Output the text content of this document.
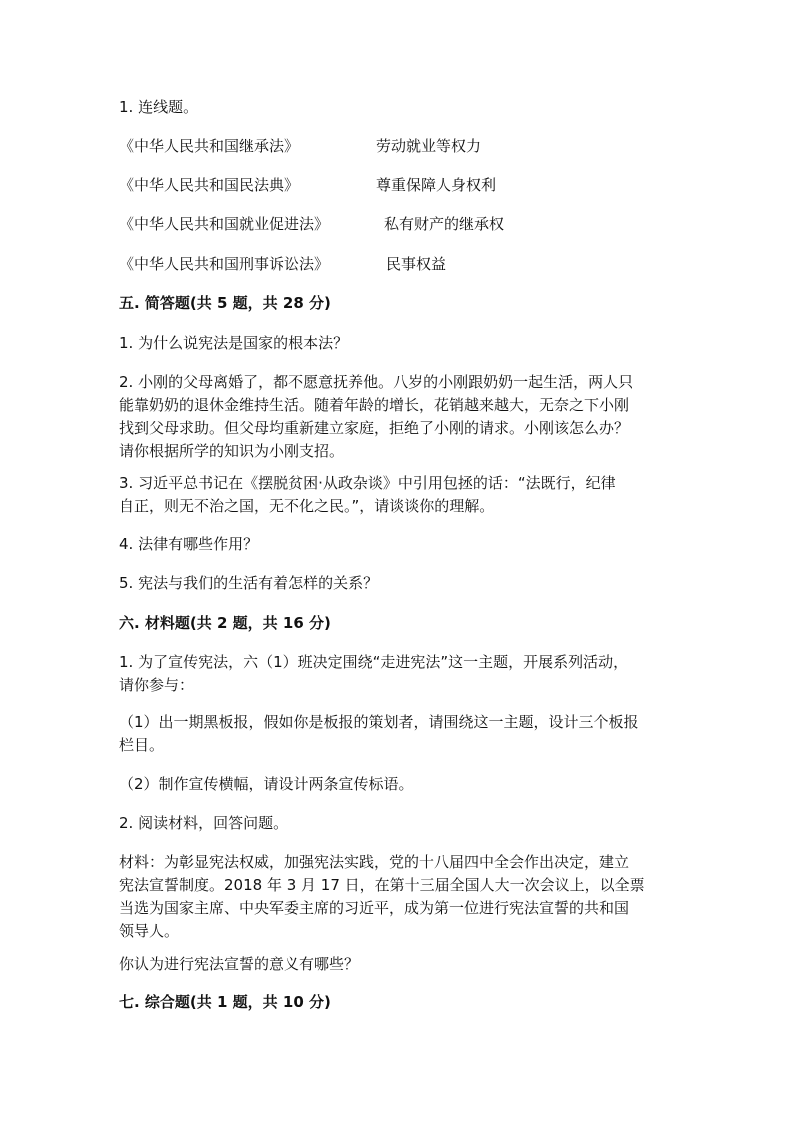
1. 连线题。
《中华人民共和国继承法》	劳动就业等权力
《中华人民共和国民法典》	尊重保障人身权利
《中华人民共和国就业促进法》	私有财产的继承权
《中华人民共和国刑事诉讼法》	民事权益
五. 简答题(共 5 题，共 28 分)
1. 为什么说宪法是国家的根本法？
2. 小刚的父母离婚了，都不愿意抚养他。八岁的小刚跟奶奶一起生活，两人只
能靠奶奶的退休金维持生活。随着年龄的增长，花销越来越大，无奈之下小刚
找到父母求助。但父母均重新建立家庭，拒绝了小刚的请求。小刚该怎么办？
请你根据所学的知识为小刚支招。
3. 习近平总书记在《摆脱贫困·从政杂谈》中引用包拯的话：“法既行，纪律
自正，则无不治之国，无不化之民。”，请谈谈你的理解。
4. 法律有哪些作用？
5. 宪法与我们的生活有着怎样的关系？
六. 材料题(共 2 题，共 16 分)
1. 为了宣传宪法，六（1）班决定围绕“走进宪法”这一主题，开展系列活动，
请你参与：
（1）出一期黑板报，假如你是板报的策划者，请围绕这一主题，设计三个板报
栏目。
（2）制作宣传横幅，请设计两条宣传标语。
2. 阅读材料，回答问题。
材料：为彰显宪法权威，加强宪法实践，党的十八届四中全会作出决定，建立
宪法宣誓制度。2018 年 3 月 17 日，在第十三届全国人大一次会议上，以全票
当选为国家主席、中央军委主席的习近平，成为第一位进行宪法宣誓的共和国
领导人。
你认为进行宪法宣誓的意义有哪些？
七. 综合题(共 1 题，共 10 分)
